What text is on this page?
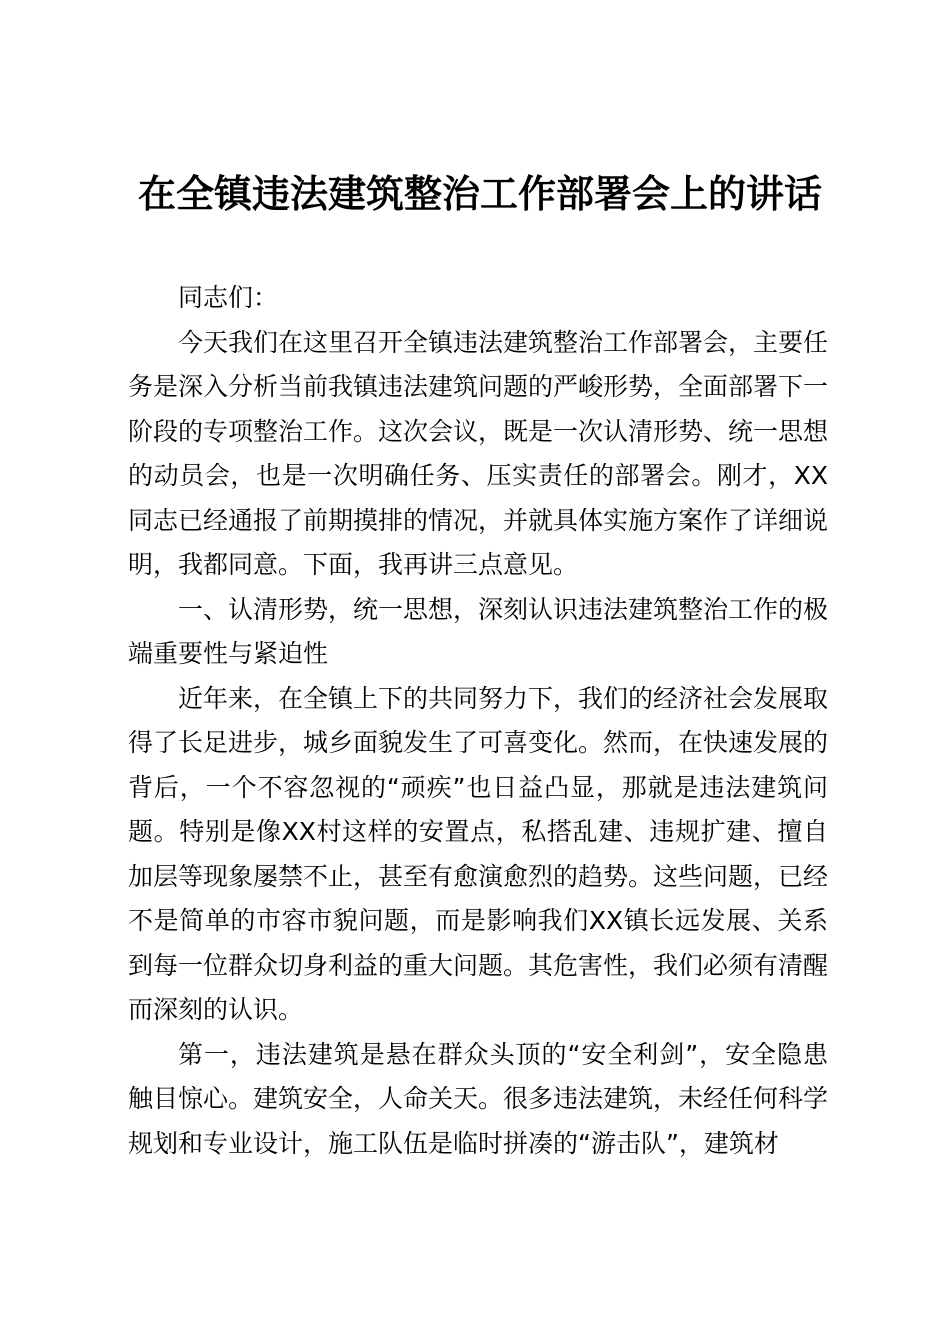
在全镇违法建筑整治工作部署会上的讲话

同志们：

今天我们在这里召开全镇违法建筑整治工作部署会，主要任务是深入分析当前我镇违法建筑问题的严峻形势，全面部署下一阶段的专项整治工作。这次会议，既是一次认清形势、统一思想的动员会，也是一次明确任务、压实责任的部署会。刚才，XX同志已经通报了前期摸排的情况，并就具体实施方案作了详细说明，我都同意。下面，我再讲三点意见。

一、认清形势，统一思想，深刻认识违法建筑整治工作的极端重要性与紧迫性

近年来，在全镇上下的共同努力下，我们的经济社会发展取得了长足进步，城乡面貌发生了可喜变化。然而，在快速发展的背后，一个不容忽视的“顽疾”也日益凸显，那就是违法建筑问题。特别是像XX村这样的安置点，私搭乱建、违规扩建、擅自加层等现象屡禁不止，甚至有愈演愈烈的趋势。这些问题，已经不是简单的市容市貌问题，而是影响我们XX镇长远发展、关系到每一位群众切身利益的重大问题。其危害性，我们必须有清醒而深刻的认识。

第一，违法建筑是悬在群众头顶的“安全利剑”，安全隐患触目惊心。建筑安全，人命关天。很多违法建筑，未经任何科学规划和专业设计，施工队伍是临时拼凑的“游击队”，建筑材
